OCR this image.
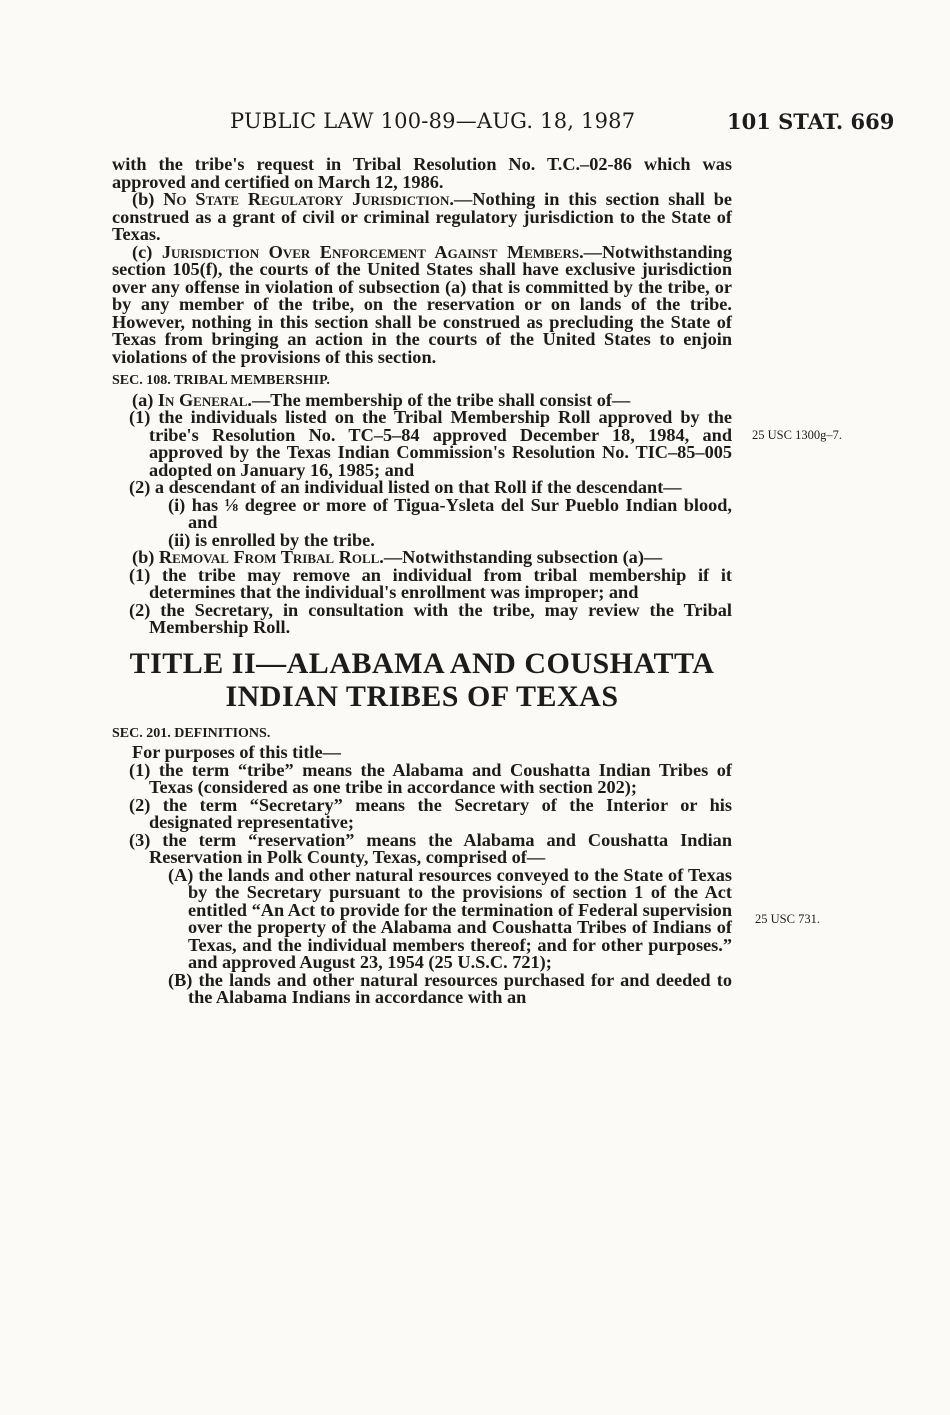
PUBLIC LAW 100-89—AUG. 18, 1987	101 STAT. 669
25 USC 1300g–7.
25 USC 731.

with the tribe's request in Tribal Resolution No. T.C.–02-86 which was approved and certified on March 12, 1986.

(b) No State Regulatory Jurisdiction.—Nothing in this section shall be construed as a grant of civil or criminal regulatory jurisdiction to the State of Texas.

(c) Jurisdiction Over Enforcement Against Members.—Notwithstanding section 105(f), the courts of the United States shall have exclusive jurisdiction over any offense in violation of subsection (a) that is committed by the tribe, or by any member of the tribe, on the reservation or on lands of the tribe. However, nothing in this section shall be construed as precluding the State of Texas from bringing an action in the courts of the United States to enjoin violations of the provisions of this section.

SEC. 108. TRIBAL MEMBERSHIP.

(a) In General.—The membership of the tribe shall consist of—

(1) the individuals listed on the Tribal Membership Roll approved by the tribe's Resolution No. TC–5–84 approved December 18, 1984, and approved by the Texas Indian Commission's Resolution No. TIC–85–005 adopted on January 16, 1985; and

(2) a descendant of an individual listed on that Roll if the descendant—

(i) has ⅛ degree or more of Tigua-Ysleta del Sur Pueblo Indian blood, and

(ii) is enrolled by the tribe.

(b) Removal From Tribal Roll.—Notwithstanding subsection (a)—

(1) the tribe may remove an individual from tribal membership if it determines that the individual's enrollment was improper; and

(2) the Secretary, in consultation with the tribe, may review the Tribal Membership Roll.

TITLE II—ALABAMA AND COUSHATTA
INDIAN TRIBES OF TEXAS

SEC. 201. DEFINITIONS.

For purposes of this title—

(1) the term “tribe” means the Alabama and Coushatta Indian Tribes of Texas (considered as one tribe in accordance with section 202);

(2) the term “Secretary” means the Secretary of the Interior or his designated representative;

(3) the term “reservation” means the Alabama and Coushatta Indian Reservation in Polk County, Texas, comprised of—

(A) the lands and other natural resources conveyed to the State of Texas by the Secretary pursuant to the provisions of section 1 of the Act entitled “An Act to provide for the termination of Federal supervision over the property of the Alabama and Coushatta Tribes of Indians of Texas, and the individual members thereof; and for other purposes.” and approved August 23, 1954 (25 U.S.C. 721);

(B) the lands and other natural resources purchased for and deeded to the Alabama Indians in accordance with an
